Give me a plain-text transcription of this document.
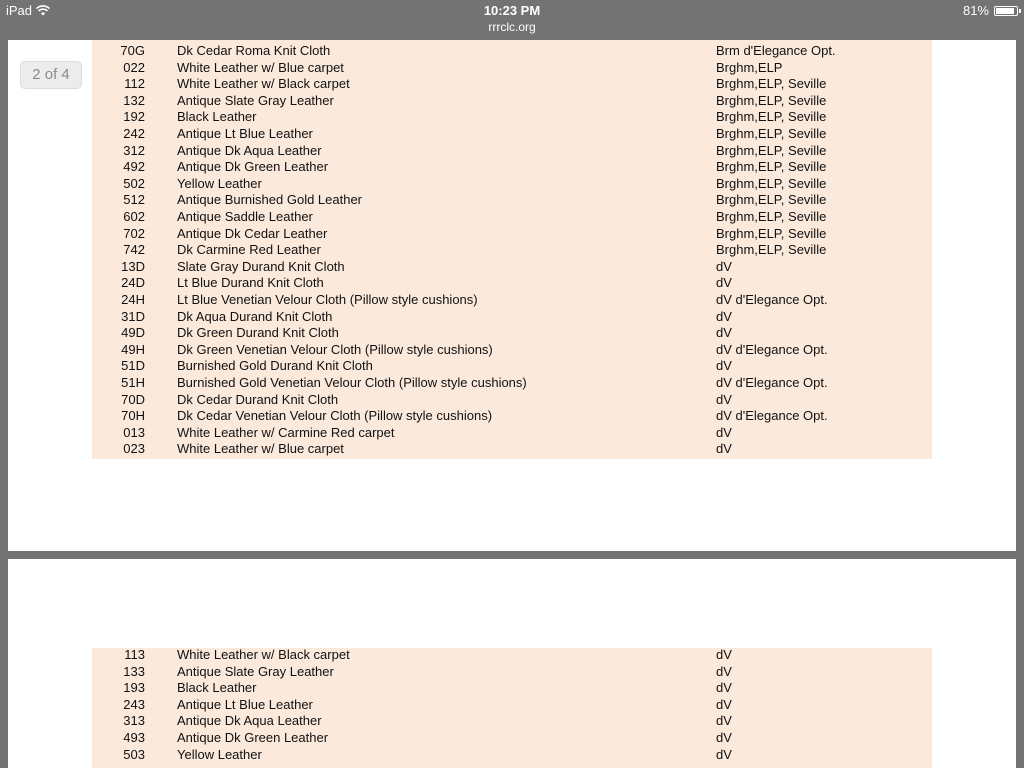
iPad	10:23 PM
rrrclc.org
81%
2 of 4
70G Dk Cedar Roma Knit Cloth	Brm d'Elegance Opt.
022 White Leather w/ Blue carpet	Brghm,ELP
112 White Leather w/ Black carpet	Brghm,ELP, Seville
132 Antique Slate Gray Leather	Brghm,ELP, Seville
192 Black Leather	Brghm,ELP, Seville
242 Antique Lt Blue Leather	Brghm,ELP, Seville
312 Antique Dk Aqua Leather	Brghm,ELP, Seville
492 Antique Dk Green Leather	Brghm,ELP, Seville
502 Yellow Leather	Brghm,ELP, Seville
512 Antique Burnished Gold Leather	Brghm,ELP, Seville
602 Antique Saddle Leather	Brghm,ELP, Seville
702 Antique Dk Cedar Leather	Brghm,ELP, Seville
742 Dk Carmine Red Leather	Brghm,ELP, Seville
13D Slate Gray Durand Knit Cloth	dV
24D Lt Blue Durand Knit Cloth	dV
24H Lt Blue Venetian Velour Cloth (Pillow style cushions)	dV d'Elegance Opt.
31D Dk Aqua Durand Knit Cloth	dV
49D Dk Green Durand Knit Cloth	dV
49H Dk Green Venetian Velour Cloth (Pillow style cushions)	dV d'Elegance Opt.
51D Burnished Gold Durand Knit Cloth	dV
51H Burnished Gold Venetian Velour Cloth (Pillow style cushions)	dV d'Elegance Opt.
70D Dk Cedar Durand Knit Cloth	dV
70H Dk Cedar Venetian Velour Cloth (Pillow style cushions)	dV d'Elegance Opt.
013 White Leather w/ Carmine Red carpet	dV
023 White Leather w/ Blue carpet	dV
113 White Leather w/ Black carpet	dV
133 Antique Slate Gray Leather	dV
193 Black Leather	dV
243 Antique Lt Blue Leather	dV
313 Antique Dk Aqua Leather	dV
493 Antique Dk Green Leather	dV
503 Yellow Leather	dV
